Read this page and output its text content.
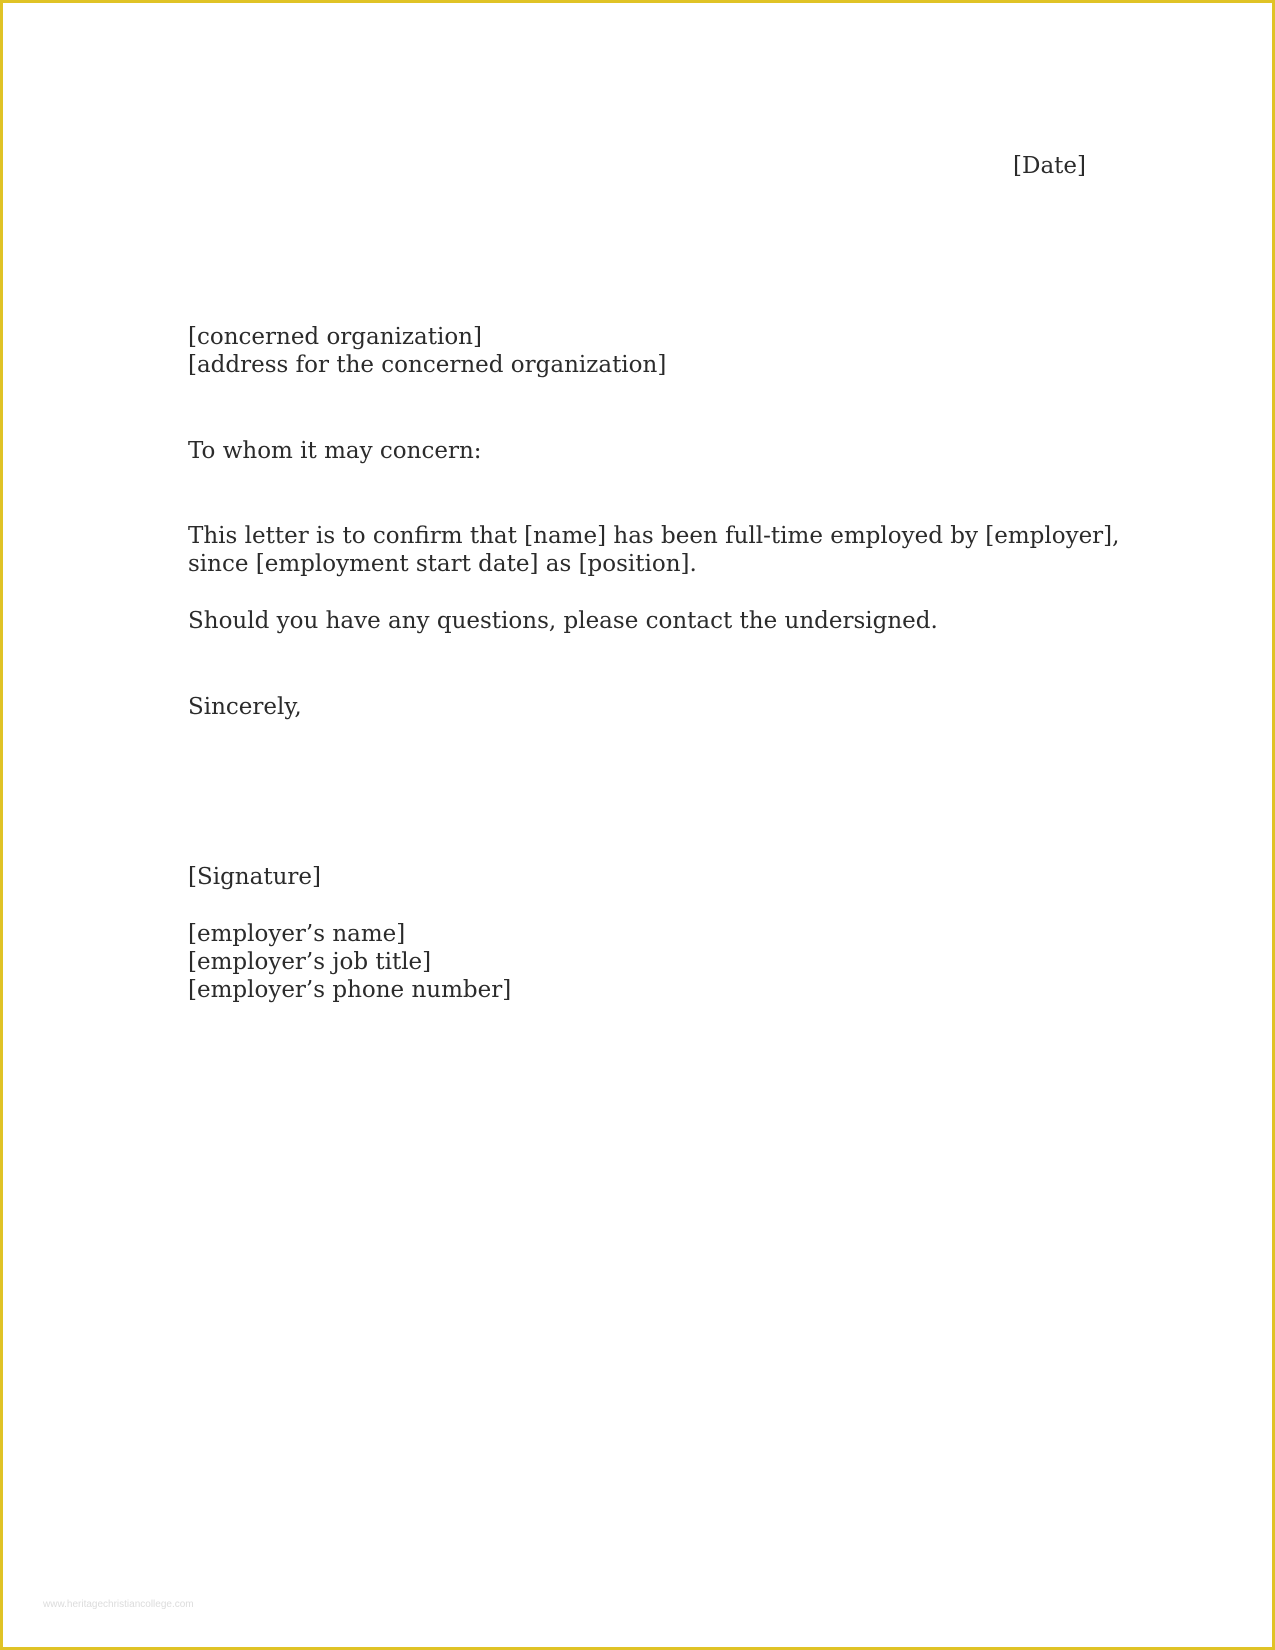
[Date]
[concerned organization]
[address for the concerned organization]
To whom it may concern:
This letter is to confirm that [name] has been full-time employed by [employer],
since [employment start date] as [position].
Should you have any questions, please contact the undersigned.
Sincerely,
[Signature]
[employer’s name]
[employer’s job title]
[employer’s phone number]
www.heritagechristiancollege.com
